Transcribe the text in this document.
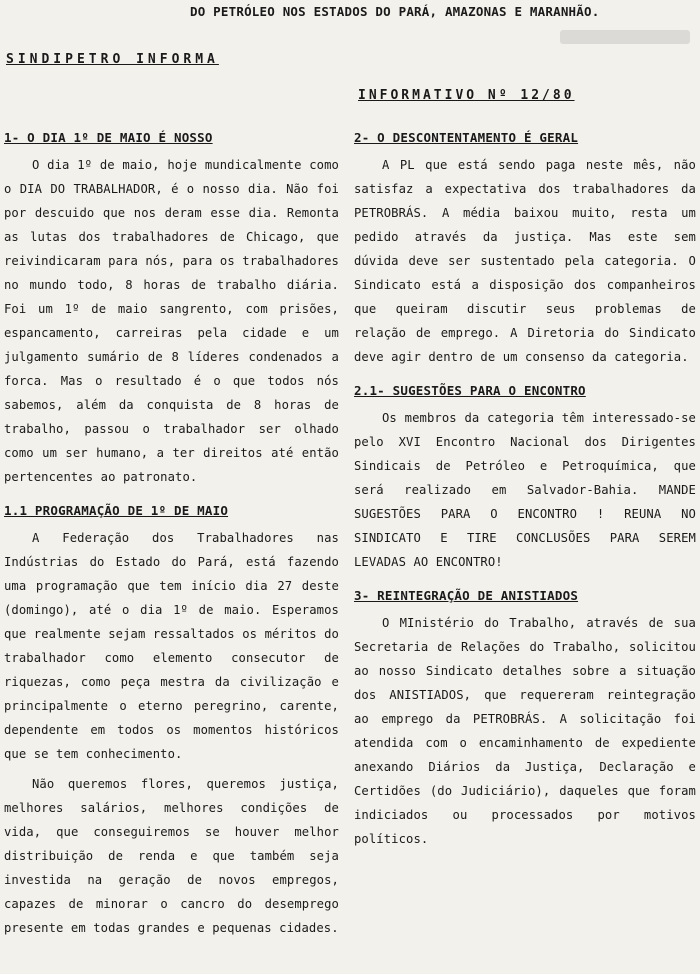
DO PETRÓLEO NOS ESTADOS DO PARÁ, AMAZONAS E MARANHÃO.
SINDIPETRO INFORMA
INFORMATIVO Nº 12/80
1- O DIA 1º DE MAIO É NOSSO

O dia 1º de maio, hoje mundicalmente como o DIA DO TRABALHADOR, é o nosso dia. Não foi por descuido que nos deram esse dia. Remonta as lutas dos trabalhadores de Chicago, que reivindicaram para nós, para os trabalhadores no mundo todo, 8 horas de trabalho diária. Foi um 1º de maio sangrento, com prisões, espancamento, carreiras pela cidade e um julgamento sumário de 8 líderes condenados a forca. Mas o resultado é o que todos nós sabemos, além da conquista de 8 horas de trabalho, passou o trabalhador ser olhado como um ser humano, a ter direitos até então pertencentes ao patronato.

1.1 PROGRAMAÇÃO DE 1º DE MAIO

A Federação dos Trabalhadores nas Indústrias do Estado do Pará, está fazendo uma programação que tem início dia 27 deste (domingo), até o dia 1º de maio. Esperamos que realmente sejam ressaltados os méritos do trabalhador como elemento consecutor de riquezas, como peça mestra da civilização e principalmente o eterno peregrino, carente, dependente em todos os momentos históricos que se tem conhecimento.

Não queremos flores, queremos justiça, melhores salários, melhores condições de vida, que conseguiremos se houver melhor distribuição de renda e que também seja investida na geração de novos empregos, capazes de minorar o cancro do desemprego presente em todas grandes e pequenas cidades.

2- O DESCONTENTAMENTO É GERAL

A PL que está sendo paga neste mês, não satisfaz a expectativa dos trabalhadores da PETROBRÁS. A média baixou muito, resta um pedido através da justiça. Mas este sem dúvida deve ser sustentado pela categoria. O Sindicato está a disposição dos companheiros que queiram discutir seus problemas de relação de emprego. A Diretoria do Sindicato deve agir dentro de um consenso da categoria.

2.1- SUGESTÕES PARA O ENCONTRO

Os membros da categoria têm interessado-se pelo XVI Encontro Nacional dos Dirigentes Sindicais de Petróleo e Petroquímica, que será realizado em Salvador-Bahia. MANDE SUGESTÕES PARA O ENCONTRO ! REUNA NO SINDICATO E TIRE CONCLUSÕES PARA SEREM LEVADAS AO ENCONTRO!

3- REINTEGRAÇÃO DE ANISTIADOS

O MInistério do Trabalho, através de sua Secretaria de Relações do Trabalho, solicitou ao nosso Sindicato detalhes sobre a situação dos ANISTIADOS, que requereram reintegração ao emprego da PETROBRÁS. A solicitação foi atendida com o encaminhamento de expediente anexando Diários da Justiça, Declaração e Certidões (do Judiciário), daqueles que foram indiciados ou processados por motivos políticos.
